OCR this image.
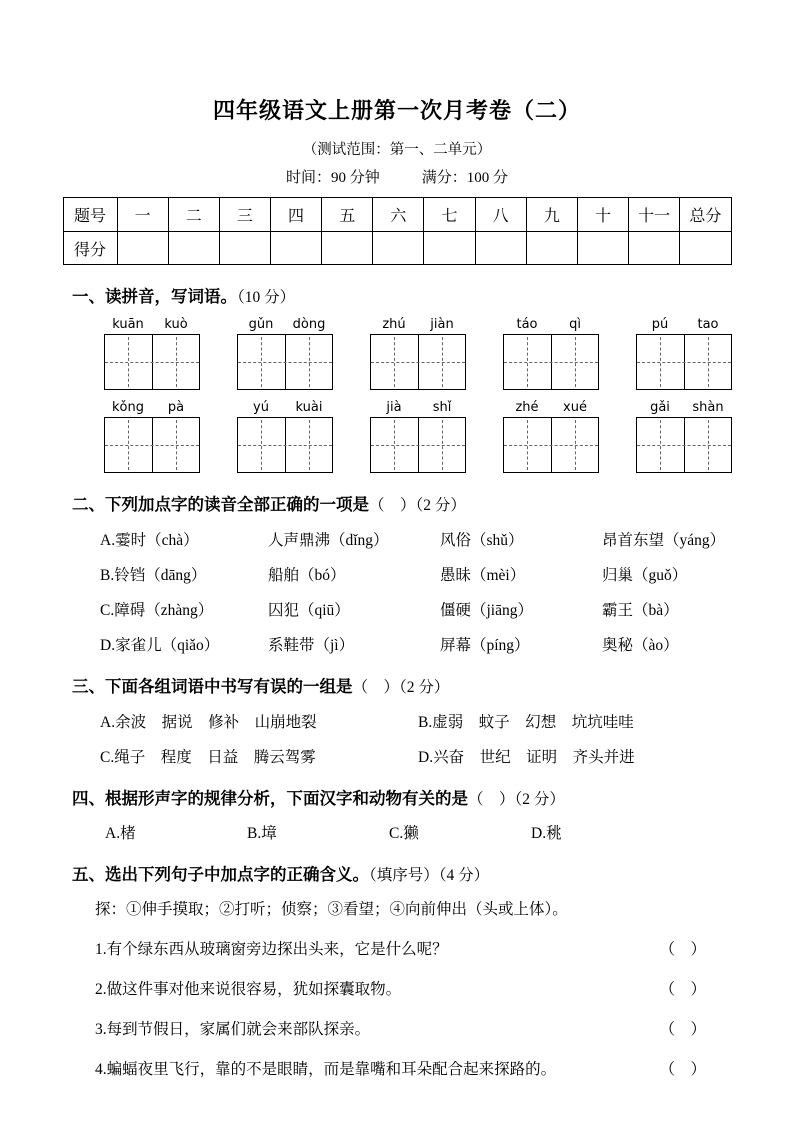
四年级语文上册第一次月考卷（二）
（测试范围：第一、二单元）
时间：90 分钟	满分：100 分
题号	一	二	三	四	五	六	七	八	九	十	十一	总分
得分												
一、读拼音，写词语。（10 分）
kuān	kuò	gǔn	dòng	zhú	jiàn	táo	qì	pú	tao
kǒng	pà	yú	kuài	jià	shǐ	zhé	xué	gǎi	shàn
二、下列加点字的读音全部正确的一项是（　）（2 分）
A.霎时（chà）	人声鼎沸（dǐng）	风俗（shǔ）	昂首东望（yáng）
B.铃铛（dāng）	船舶（bó）	愚昧（mèi）	归巢（guǒ）
C.障碍（zhàng）	囚犯（qiū）	僵硬（jiāng）	霸王（bà）
D.家雀儿（qiǎo）	系鞋带（jì）	屏幕（píng）	奥秘（ào）
三、下面各组词语中书写有误的一组是（　）（2 分）
A.余波　据说　修补　山崩地裂	B.虚弱　蚊子　幻想　坑坑哇哇
C.绳子　程度　日益　腾云驾雾	D.兴奋　世纪　证明　齐头并进
四、根据形声字的规律分析，下面汉字和动物有关的是（　）（2 分）
A.楮	B.墇	C.獭	D.䄻
五、选出下列句子中加点字的正确含义。（填序号）（4 分）
探：①伸手摸取；②打听；侦察；③看望；④向前伸出（头或上体）。
1.有个绿东西从玻璃窗旁边探出头来，它是什么呢？	（　）
2.做这件事对他来说很容易，犹如探囊取物。	（　）
3.每到节假日，家属们就会来部队探亲。	（　）
4.蝙蝠夜里飞行，靠的不是眼睛，而是靠嘴和耳朵配合起来探路的。	（　）
